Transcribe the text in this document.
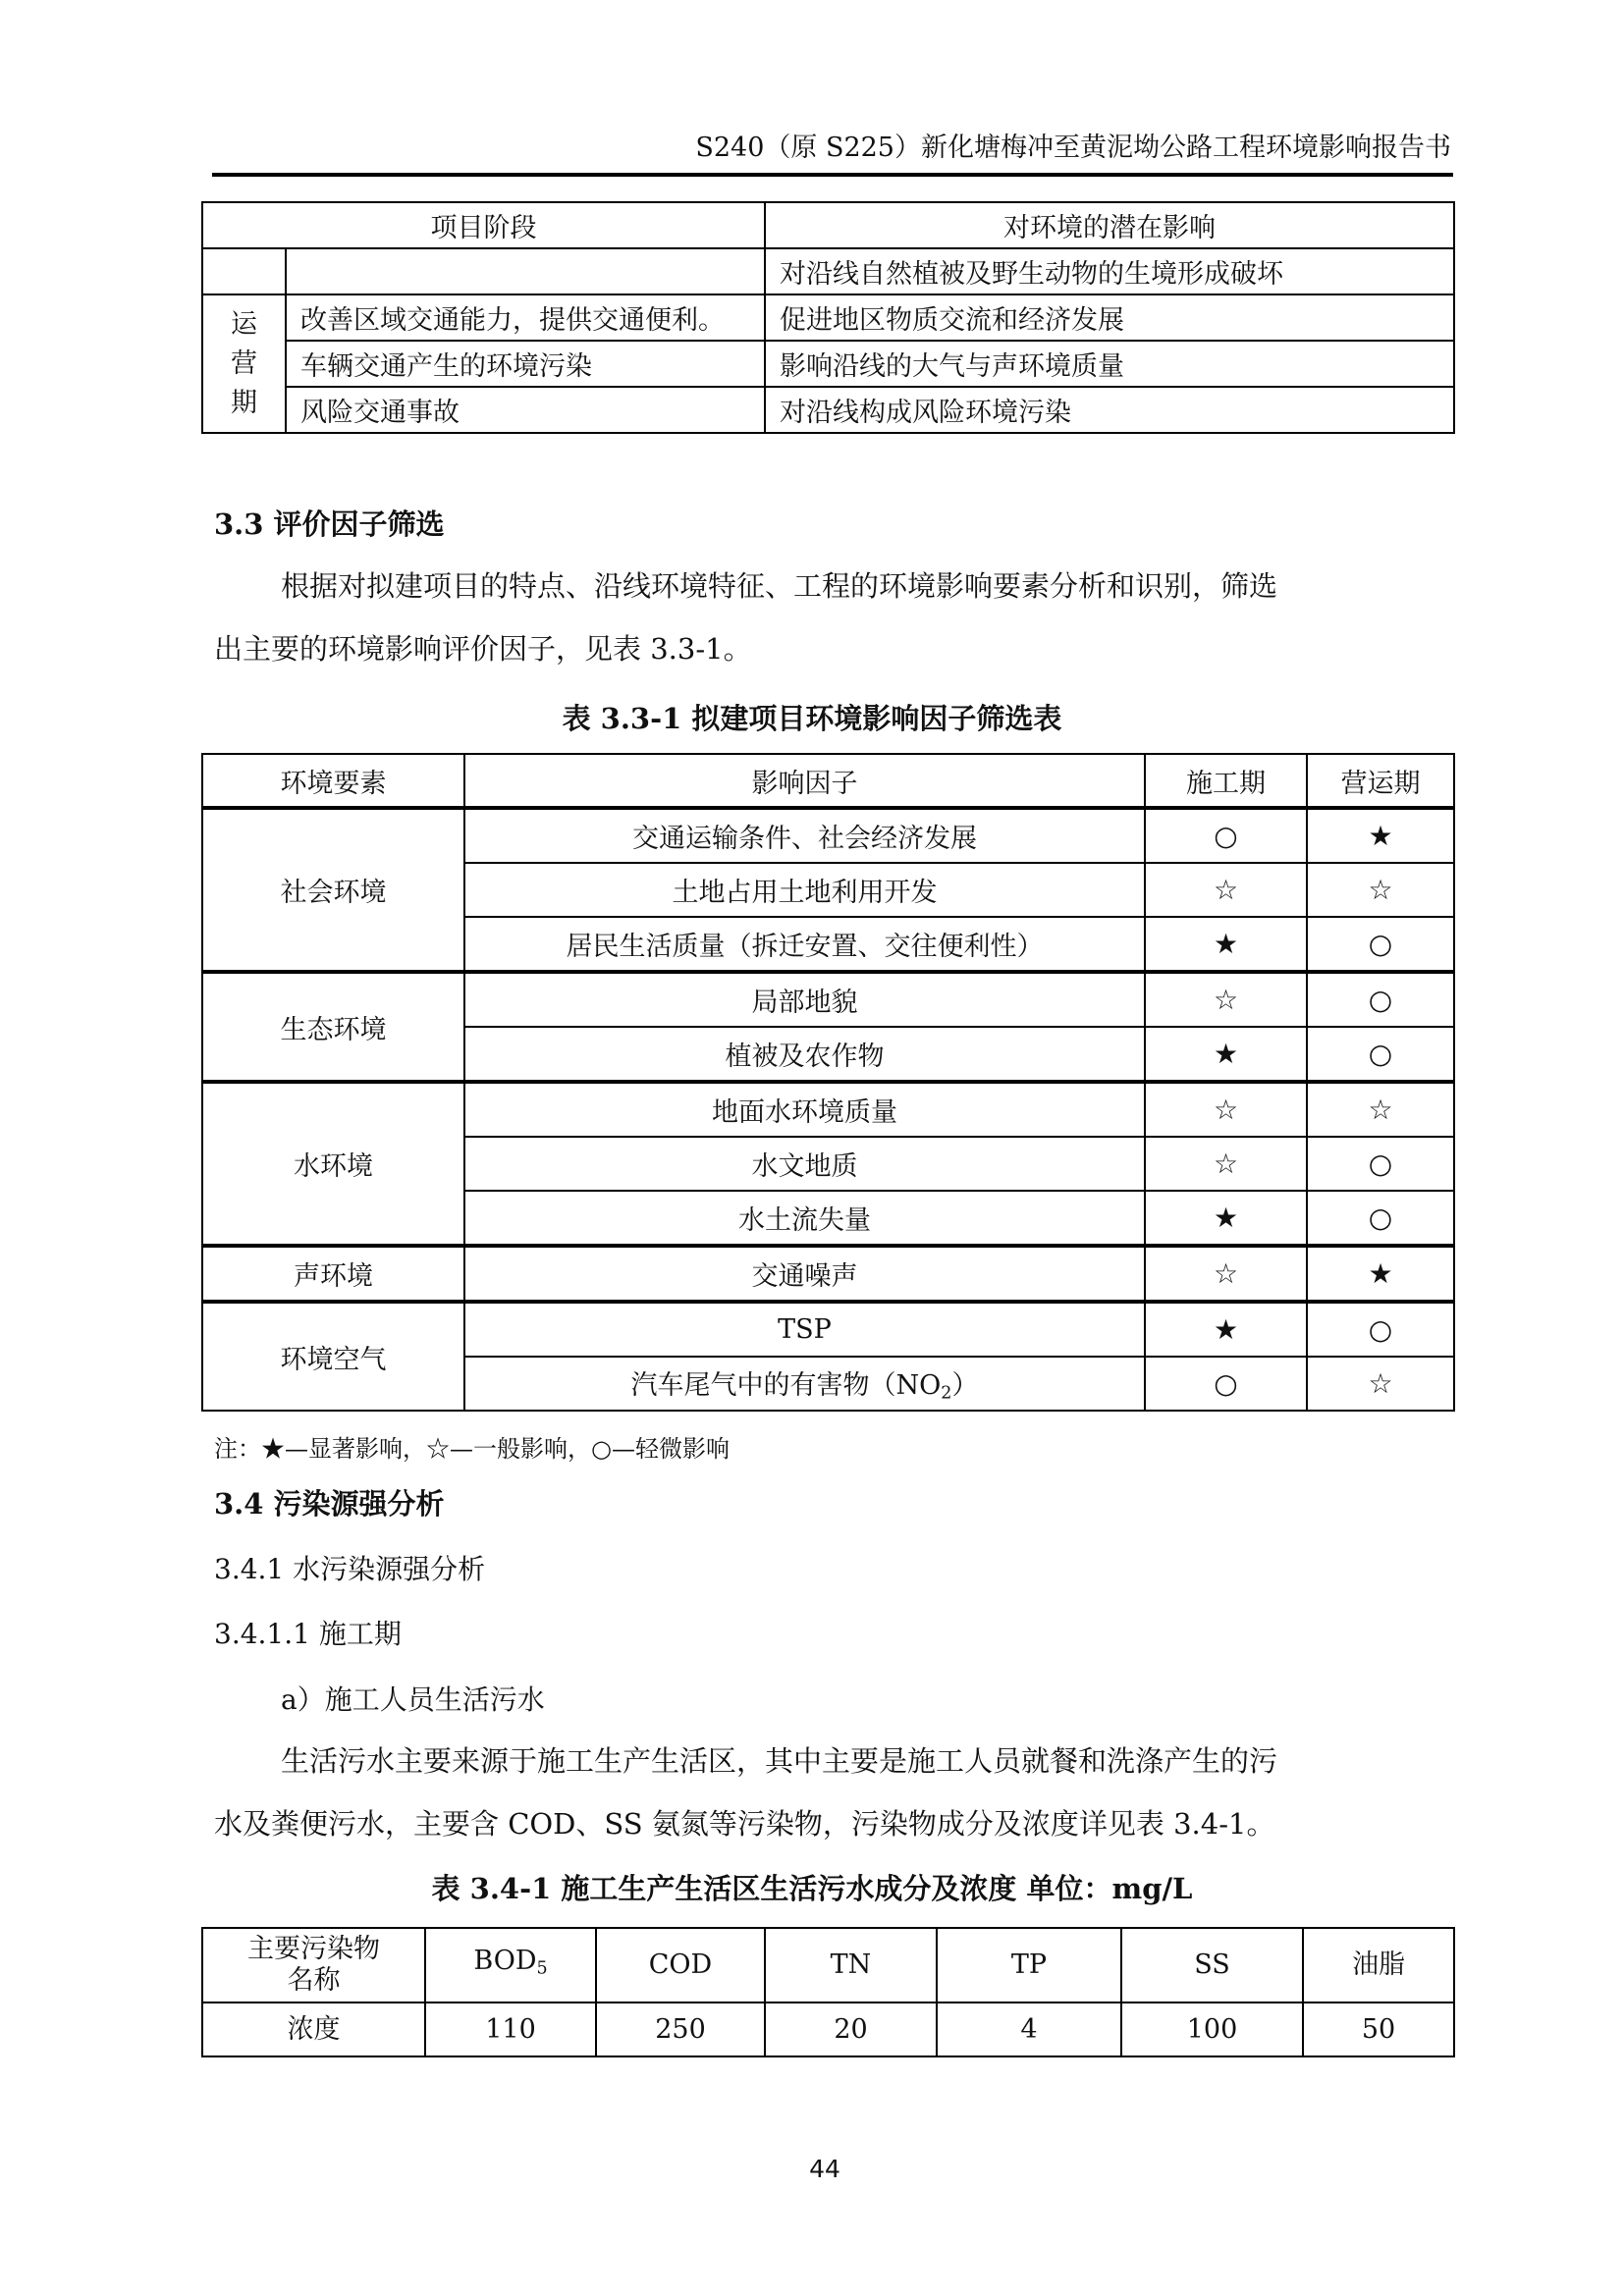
S240（原 S225）新化塘梅冲至黄泥坳公路工程环境影响报告书
项目阶段		对环境的潜在影响
		对沿线自然植被及野生动物的生境形成破坏

运
营
期	改善区域交通能力，提供交通便利。	促进地区物质交流和经济发展
	车辆交通产生的环境污染	影响沿线的大气与声环境质量
	风险交通事故	对沿线构成风险环境污染
3.3 评价因子筛选
根据对拟建项目的特点、沿线环境特征、工程的环境影响要素分析和识别，筛选
出主要的环境影响评价因子，见表 3.3-1。
表 3.3-1 拟建项目环境影响因子筛选表
环境要素	影响因子	施工期	营运期
社会环境	交通运输条件、社会经济发展	○	★
	土地占用土地利用开发	☆	☆
	居民生活质量（拆迁安置、交往便利性）	★	○
生态环境	局部地貌	☆	○
	植被及农作物	★	○
水环境	地面水环境质量	☆	☆
	水文地质	☆	○
	水土流失量	★	○
声环境	交通噪声	☆	★
环境空气	TSP	★	○
	汽车尾气中的有害物$(NO_2)$	○	☆
注：★—显著影响，☆—一般影响，○—轻微影响
3.4 污染源强分析
3.4.1 水污染源强分析
3.4.1.1 施工期
a）施工人员生活污水
生活污水主要来源于施工生产生活区，其中主要是施工人员就餐和洗涤产生的污
水及粪便污水，主要含 COD、SS 氨氮等污染物，污染物成分及浓度详见表 3.4-1。
表 3.4-1 施工生产生活区生活污水成分及浓度 单位：mg/L
主要污染物
名称	$BOD_5$	COD	TN	TP	SS	油脂
浓度	110	250	20	4	100	50
44
